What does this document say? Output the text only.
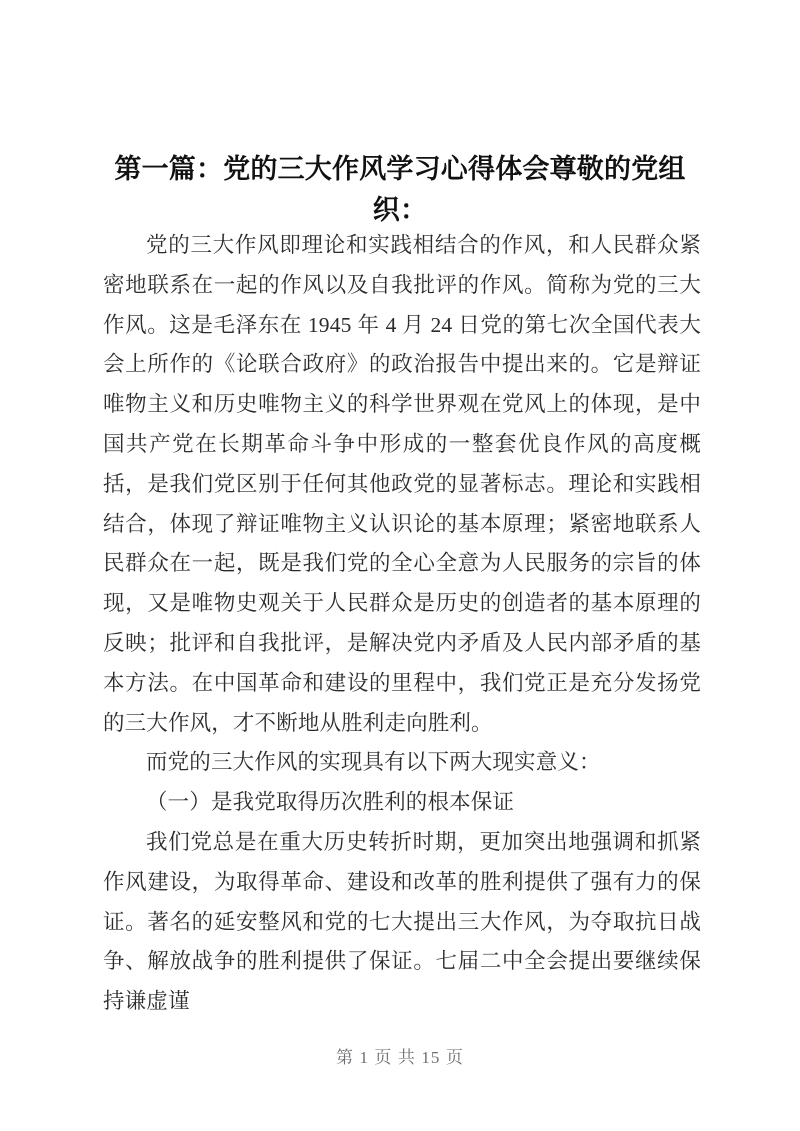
第一篇：党的三大作风学习心得体会尊敬的党组织：

党的三大作风即理论和实践相结合的作风，和人民群众紧密地联系在一起的作风以及自我批评的作风。简称为党的三大作风。这是毛泽东在 1945 年 4 月 24 日党的第七次全国代表大会上所作的《论联合政府》的政治报告中提出来的。它是辩证唯物主义和历史唯物主义的科学世界观在党风上的体现，是中国共产党在长期革命斗争中形成的一整套优良作风的高度概括，是我们党区别于任何其他政党的显著标志。理论和实践相结合，体现了辩证唯物主义认识论的基本原理；紧密地联系人民群众在一起，既是我们党的全心全意为人民服务的宗旨的体现，又是唯物史观关于人民群众是历史的创造者的基本原理的反映；批评和自我批评，是解决党内矛盾及人民内部矛盾的基本方法。在中国革命和建设的里程中，我们党正是充分发扬党的三大作风，才不断地从胜利走向胜利。

而党的三大作风的实现具有以下两大现实意义：

（一）是我党取得历次胜利的根本保证

我们党总是在重大历史转折时期，更加突出地强调和抓紧作风建设，为取得革命、建设和改革的胜利提供了强有力的保证。著名的延安整风和党的七大提出三大作风，为夺取抗日战争、解放战争的胜利提供了保证。七届二中全会提出要继续保持谦虚谨

第 1 页 共 15 页
